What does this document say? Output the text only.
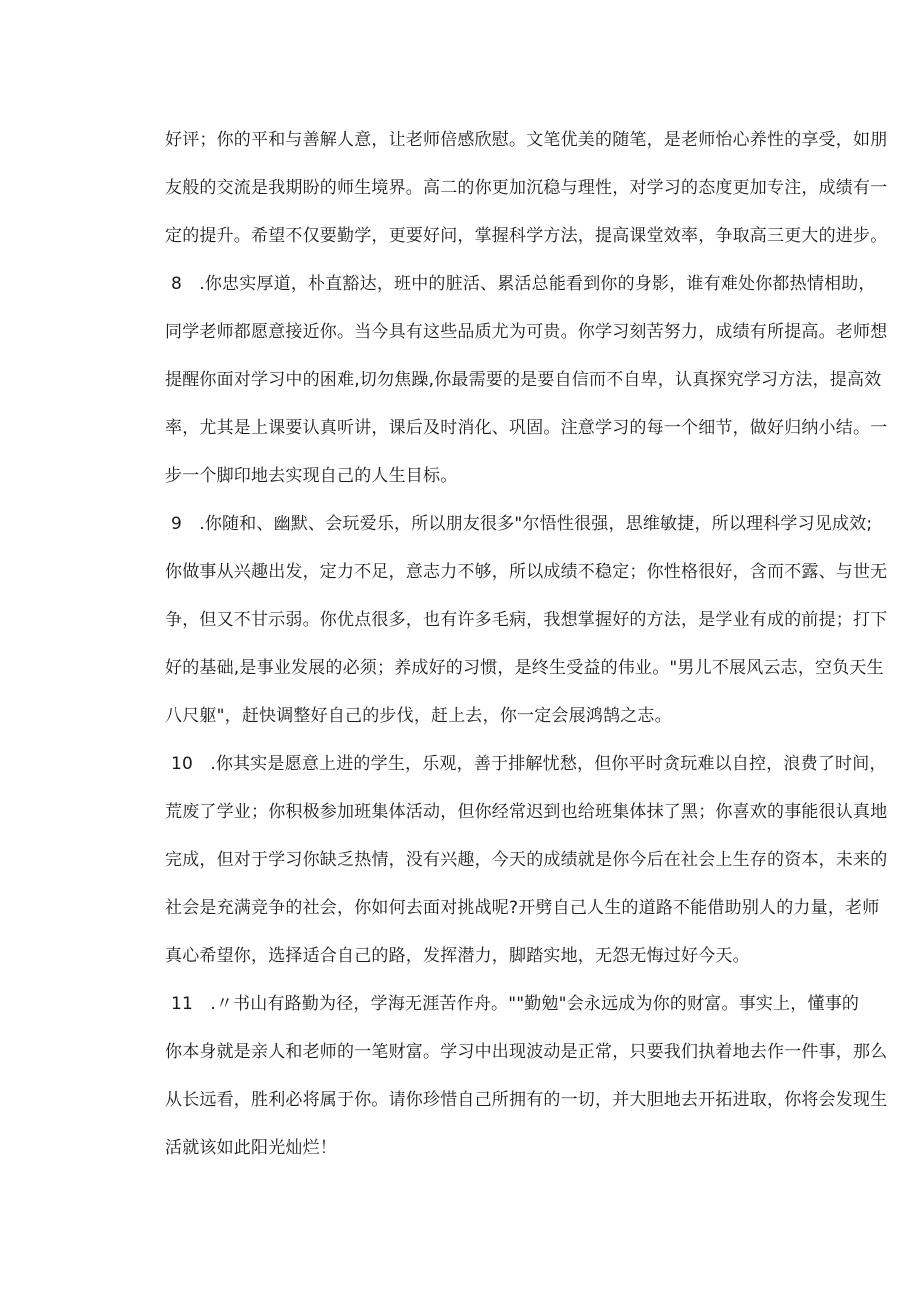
好评；你的平和与善解人意，让老师倍感欣慰。文笔优美的随笔，是老师怡心养性的享受，如朋
友般的交流是我期盼的师生境界。高二的你更加沉稳与理性，对学习的态度更加专注，成绩有一
定的提升。希望不仅要勤学，更要好问，掌握科学方法，提高课堂效率，争取高三更大的进步。
8　.你忠实厚道，朴直豁达，班中的脏活、累活总能看到你的身影，谁有难处你都热情相助，
同学老师都愿意接近你。当今具有这些品质尤为可贵。你学习刻苦努力，成绩有所提高。老师想
提醒你面对学习中的困难,切勿焦躁,你最需要的是要自信而不自卑，认真探究学习方法，提高效
率，尤其是上课要认真听讲，课后及时消化、巩固。注意学习的每一个细节，做好归纳小结。一
步一个脚印地去实现自己的人生目标。
9　.你随和、幽默、会玩爱乐，所以朋友很多"尔悟性很强，思维敏捷，所以理科学习见成效;
你做事从兴趣出发，定力不足，意志力不够，所以成绩不稳定；你性格很好，含而不露、与世无
争，但又不甘示弱。你优点很多，也有许多毛病，我想掌握好的方法，是学业有成的前提；打下
好的基础,是事业发展的必须；养成好的习惯，是终生受益的伟业。"男儿不展风云志，空负天生
八尺躯"，赶快调整好自己的步伐，赶上去，你一定会展鸿鹄之志。
10　.你其实是愿意上进的学生，乐观，善于排解忧愁，但你平时贪玩难以自控，浪费了时间，
荒废了学业；你积极参加班集体活动，但你经常迟到也给班集体抹了黑；你喜欢的事能很认真地
完成，但对于学习你缺乏热情，没有兴趣，今天的成绩就是你今后在社会上生存的资本，未来的
社会是充满竞争的社会，你如何去面对挑战呢?开劈自己人生的道路不能借助别人的力量，老师
真心希望你，选择适合自己的路，发挥潜力，脚踏实地，无怨无悔过好今天。
11　.〃书山有路勤为径，学海无涯苦作舟。""勤勉"会永远成为你的财富。事实上，懂事的
你本身就是亲人和老师的一笔财富。学习中出现波动是正常，只要我们执着地去作一件事，那么
从长远看，胜利必将属于你。请你珍惜自己所拥有的一切，并大胆地去开拓进取，你将会发现生
活就该如此阳光灿烂！
